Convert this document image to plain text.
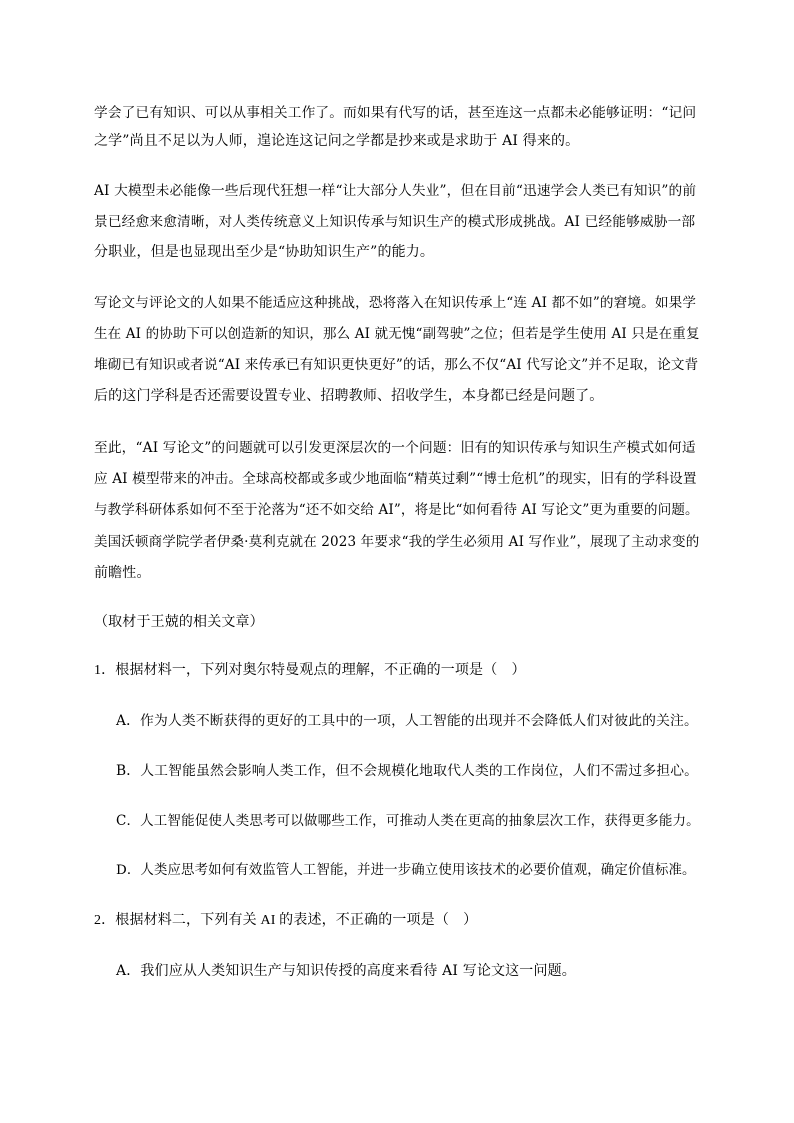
学会了已有知识、可以从事相关工作了。而如果有代写的话，甚至连这一点都未必能够证明：“记问
之学”尚且不足以为人师，遑论连这记问之学都是抄来或是求助于 AI 得来的。
AI 大模型未必能像一些后现代狂想一样“让大部分人失业”，但在目前“迅速学会人类已有知识”的前
景已经愈来愈清晰，对人类传统意义上知识传承与知识生产的模式形成挑战。AI 已经能够威胁一部
分职业，但是也显现出至少是“协助知识生产”的能力。
写论文与评论文的人如果不能适应这种挑战，恐将落入在知识传承上“连 AI 都不如”的窘境。如果学
生在 AI 的协助下可以创造新的知识，那么 AI 就无愧“副驾驶”之位；但若是学生使用 AI 只是在重复
堆砌已有知识或者说“AI 来传承已有知识更快更好”的话，那么不仅“AI 代写论文”并不足取，论文背
后的这门学科是否还需要设置专业、招聘教师、招收学生，本身都已经是问题了。
至此，“AI 写论文”的问题就可以引发更深层次的一个问题：旧有的知识传承与知识生产模式如何适
应 AI 模型带来的冲击。全球高校都或多或少地面临“精英过剩”“博士危机”的现实，旧有的学科设置
与教学科研体系如何不至于沦落为“还不如交给 AI”，将是比“如何看待 AI 写论文”更为重要的问题。
美国沃顿商学院学者伊桑·莫利克就在 2023 年要求“我的学生必须用 AI 写作业”，展现了主动求变的
前瞻性。
（取材于王兢的相关文章）
1．根据材料一，下列对奥尔特曼观点的理解，不正确的一项是（　）
A．作为人类不断获得的更好的工具中的一项，人工智能的出现并不会降低人们对彼此的关注。
B．人工智能虽然会影响人类工作，但不会规模化地取代人类的工作岗位，人们不需过多担心。
C．人工智能促使人类思考可以做哪些工作，可推动人类在更高的抽象层次工作，获得更多能力。
D．人类应思考如何有效监管人工智能，并进一步确立使用该技术的必要价值观，确定价值标准。
2．根据材料二，下列有关 AI 的表述，不正确的一项是（　）
A．我们应从人类知识生产与知识传授的高度来看待 AI 写论文这一问题。
